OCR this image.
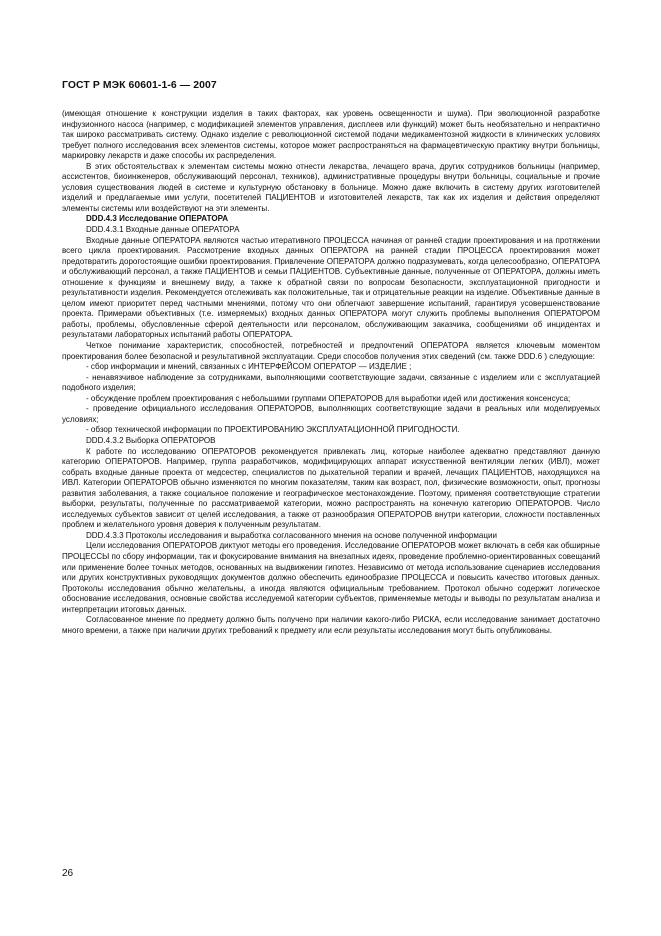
ГОСТ Р МЭК 60601-1-6 — 2007

(имеющая отношение к конструкции изделия в таких факторах, как уровень освещенности и шума). При эволюционной разработке инфузионного насоса (например, с модификацией элементов управления, дисплеев или функций) может быть необязательно и непрактично так широко рассматривать систему. Однако изделие с революционной системой подачи медикаментозной жидкости в клинических условиях требует полного исследования всех элементов системы, которое может распространяться на фармацевтическую практику внутри больницы, маркировку лекарств и даже способы их распределения.

В этих обстоятельствах к элементам системы можно отнести лекарства, лечащего врача, других сотрудников больницы (например, ассистентов, биоинженеров, обслуживающий персонал, техников), административные процедуры внутри больницы, социальные и прочие условия существования людей в системе и культурную обстановку в больнице. Можно даже включить в систему других изготовителей изделий и предлагаемые ими услуги, посетителей ПАЦИЕНТОВ и изготовителей лекарств, так как их изделия и действия определяют элементы системы или воздействуют на эти элементы.

DDD.4.3 Исследование ОПЕРАТОРА

DDD.4.3.1 Входные данные ОПЕРАТОРА

Входные данные ОПЕРАТОРА являются частью итеративного ПРОЦЕССА начиная от ранней стадии проектирования и на протяжении всего цикла проектирования. Рассмотрение входных данных ОПЕРАТОРА на ранней стадии ПРОЦЕССА проектирования может предотвратить дорогостоящие ошибки проектирования. Привлечение ОПЕРАТОРА должно подразумевать, когда целесообразно, ОПЕРАТОРА и обслуживающий персонал, а также ПАЦИЕНТОВ и семьи ПАЦИЕНТОВ. Субъективные данные, полученные от ОПЕРАТОРА, должны иметь отношение к функциям и внешнему виду, а также к обратной связи по вопросам безопасности, эксплуатационной пригодности и результативности изделия. Рекомендуется отслеживать как положительные, так и отрицательные реакции на изделие. Объективные данные в целом имеют приоритет перед частными мнениями, потому что они облегчают завершение испытаний, гарантируя усовершенствование проекта. Примерами объективных (т.е. измеряемых) входных данных ОПЕРАТОРА могут служить проблемы выполнения ОПЕРАТОРОМ работы, проблемы, обусловленные сферой деятельности или персоналом, обслуживающим заказчика, сообщениями об инцидентах и результатами лабораторных испытаний работы ОПЕРАТОРА.

Четкое понимание характеристик, способностей, потребностей и предпочтений ОПЕРАТОРА является ключевым моментом проектирования более безопасной и результативной эксплуатации. Среди способов получения этих сведений (см. также DDD.6 ) следующие:

- сбор информации и мнений, связанных с ИНТЕРФЕЙСОМ ОПЕРАТОР — ИЗДЕЛИЕ ;

- ненавязчивое наблюдение за сотрудниками, выполняющими соответствующие задачи, связанные с изделием или с эксплуатацией подобного изделия;

- обсуждение проблем проектирования с небольшими группами ОПЕРАТОРОВ для выработки идей или достижения консенсуса;

- проведение официального исследования ОПЕРАТОРОВ, выполняющих соответствующие задачи в реальных или моделируемых условиях;

- обзор технической информации по ПРОЕКТИРОВАНИЮ ЭКСПЛУАТАЦИОННОЙ ПРИГОДНОСТИ.

DDD.4.3.2 Выборка ОПЕРАТОРОВ

К работе по исследованию ОПЕРАТОРОВ рекомендуется привлекать лиц, которые наиболее адекватно представляют данную категорию ОПЕРАТОРОВ. Например, группа разработчиков, модифицирующих аппарат искусственной вентиляции легких (ИВЛ), может собрать входные данные проекта от медсестер, специалистов по дыхательной терапии и врачей, лечащих ПАЦИЕНТОВ, находящихся на ИВЛ. Категории ОПЕРАТОРОВ обычно изменяются по многим показателям, таким как возраст, пол, физические возможности, опыт, прогнозы развития заболевания, а также социальное положение и географическое местонахождение. Поэтому, применяя соответствующие стратегии выборки, результаты, полученные по рассматриваемой категории, можно распространять на конечную категорию ОПЕРАТОРОВ. Число исследуемых субъектов зависит от целей исследования, а также от разнообразия ОПЕРАТОРОВ внутри категории, сложности поставленных проблем и желательного уровня доверия к полученным результатам.

DDD.4.3.3 Протоколы исследования и выработка согласованного мнения на основе полученной информации

Цели исследования ОПЕРАТОРОВ диктуют методы его проведения. Исследование ОПЕРАТОРОВ может включать в себя как обширные ПРОЦЕССЫ по сбору информации, так и фокусирование внимания на внезапных идеях, проведение проблемно-ориентированных совещаний или применение более точных методов, основанных на выдвижении гипотез. Независимо от метода использование сценариев исследования или других конструктивных руководящих документов должно обеспечить единообразие ПРОЦЕССА и повысить качество итоговых данных. Протоколы исследования обычно желательны, а иногда являются официальным требованием. Протокол обычно содержит логическое обоснование исследования, основные свойства исследуемой категории субъектов, применяемые методы и выводы по результатам анализа и интерпретации итоговых данных.

Согласованное мнение по предмету должно быть получено при наличии какого-либо РИСКА, если исследование занимает достаточно много времени, а также при наличии других требований к предмету или если результаты исследования могут быть опубликованы.

26
